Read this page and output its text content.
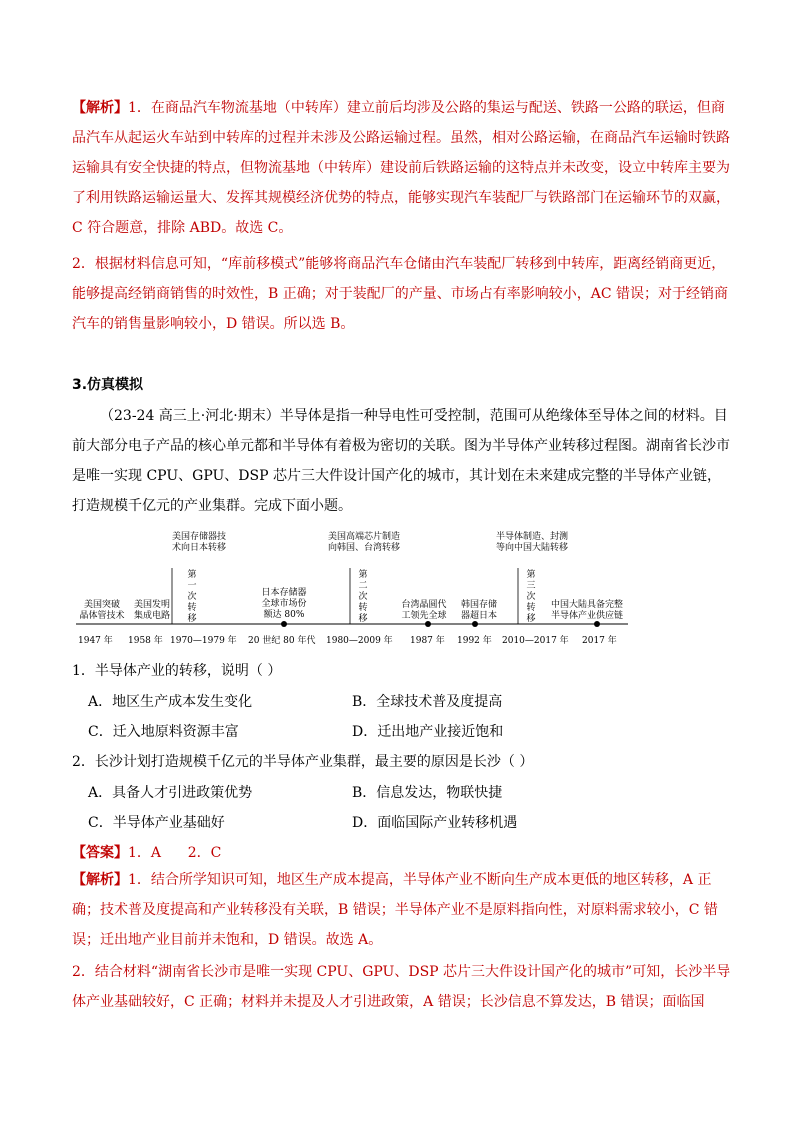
【解析】1．在商品汽车物流基地（中转库）建立前后均涉及公路的集运与配送、铁路一公路的联运，但商品汽车从起运火车站到中转库的过程并未涉及公路运输过程。虽然，相对公路运输，在商品汽车运输时铁路运输具有安全快捷的特点，但物流基地（中转库）建设前后铁路运输的这特点并未改变，设立中转库主要为了利用铁路运输运量大、发挥其规模经济优势的特点，能够实现汽车装配厂与铁路部门在运输环节的双赢，C 符合题意，排除 ABD。故选 C。
2．根据材料信息可知，“库前移模式”能够将商品汽车仓储由汽车装配厂转移到中转库，距离经销商更近，能够提高经销商销售的时效性，B 正确；对于装配厂的产量、市场占有率影响较小，AC 错误；对于经销商汽车的销售量影响较小，D 错误。所以选 B。
3.仿真模拟
（23-24 高三上·河北·期末）半导体是指一种导电性可受控制，范围可从绝缘体至导体之间的材料。目前大部分电子产品的核心单元都和半导体有着极为密切的关联。图为半导体产业转移过程图。湖南省长沙市是唯一实现 CPU、GPU、DSP 芯片三大件设计国产化的城市，其计划在未来建成完整的半导体产业链，打造规模千亿元的产业集群。完成下面小题。
美国存储器技
术向日本转移
美国高端芯片制造
向韩国、台湾转移
半导体制造、封测
等向中国大陆转移
第 一 次 转 移
第 二 次 转 移
第 三 次 转 移
美国突破
晶体管技术
美国发明
集成电路
日本存储器
全球市场份
额达 80%
台湾晶圆代
工领先全球
韩国存储
器超日本
中国大陆具备完整
半导体产业供应链
1947 年 1958 年 1970—1979 年 20 世纪 80 年代 1980—2009 年 1987 年 1992 年 2010—2017 年 2017 年
1．半导体产业的转移，说明（ ）
A．地区生产成本发生变化	B．全球技术普及度提高
C．迁入地原料资源丰富	D．迁出地产业接近饱和
2．长沙计划打造规模千亿元的半导体产业集群，最主要的原因是长沙（ ）
A．具备人才引进政策优势	B．信息发达，物联快捷
C．半导体产业基础好	D．面临国际产业转移机遇
【答案】1．A      2．C
【解析】1．结合所学知识可知，地区生产成本提高，半导体产业不断向生产成本更低的地区转移，A 正确；技术普及度提高和产业转移没有关联，B 错误；半导体产业不是原料指向性，对原料需求较小，C 错误；迁出地产业目前并未饱和，D 错误。故选 A。
2．结合材料“湖南省长沙市是唯一实现 CPU、GPU、DSP 芯片三大件设计国产化的城市”可知，长沙半导体产业基础较好，C 正确；材料并未提及人才引进政策，A 错误；长沙信息不算发达，B 错误；面临国
